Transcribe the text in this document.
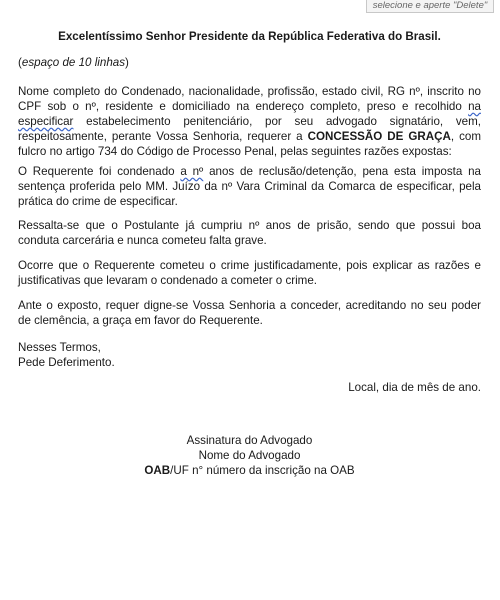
selecione e aperte "Delete"
Excelentíssimo Senhor Presidente da República Federativa do Brasil.

(espaço de 10 linhas)

Nome completo do Condenado, nacionalidade, profissão, estado civil, RG nº, inscrito no CPF sob o nº, residente e domiciliado na endereço completo, preso e recolhido na especificar estabelecimento penitenciário, por seu advogado signatário, vem, respeitosamente, perante Vossa Senhoria, requerer a CONCESSÃO DE GRAÇA, com fulcro no artigo 734 do Código de Processo Penal, pelas seguintes razões expostas:

O Requerente foi condenado a nº anos de reclusão/detenção, pena esta imposta na sentença proferida pelo MM. Juízo da nº Vara Criminal da Comarca de especificar, pela prática do crime de especificar.

Ressalta-se que o Postulante já cumpriu nº anos de prisão, sendo que possui boa conduta carcerária e nunca cometeu falta grave.

Ocorre que o Requerente cometeu o crime justificadamente, pois explicar as razões e justificativas que levaram o condenado a cometer o crime.

Ante o exposto, requer digne-se Vossa Senhoria a conceder, acreditando no seu poder de clemência, a graça em favor do Requerente.

Nesses Termos,

Pede Deferimento.

Local, dia de mês de ano.

Assinatura do Advogado

Nome do Advogado

OAB/UF n° número da inscrição na OAB
